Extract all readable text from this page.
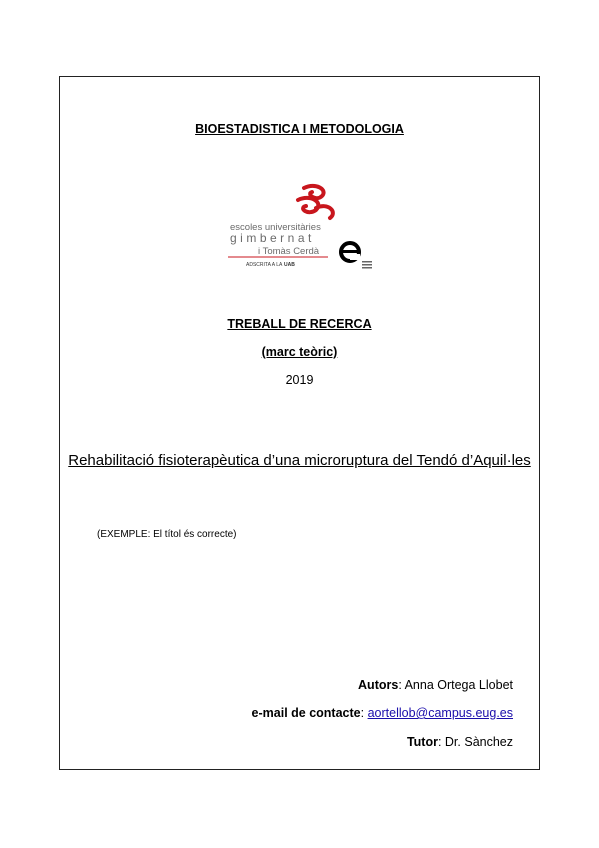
BIOESTADISTICA I METODOLOGIA
escoles universitàries
gimbernat
i Tomàs Cerdà
ADSCRITA A LA UAB
TREBALL DE RECERCA
(marc teòric)
2019
Rehabilitació fisioterapèutica d’una microruptura del Tendó d’Aquil·les
(EXEMPLE: El títol és correcte)
Autors: Anna Ortega Llobet
e-mail de contacte: aortellob@campus.eug.es
Tutor: Dr. Sànchez
